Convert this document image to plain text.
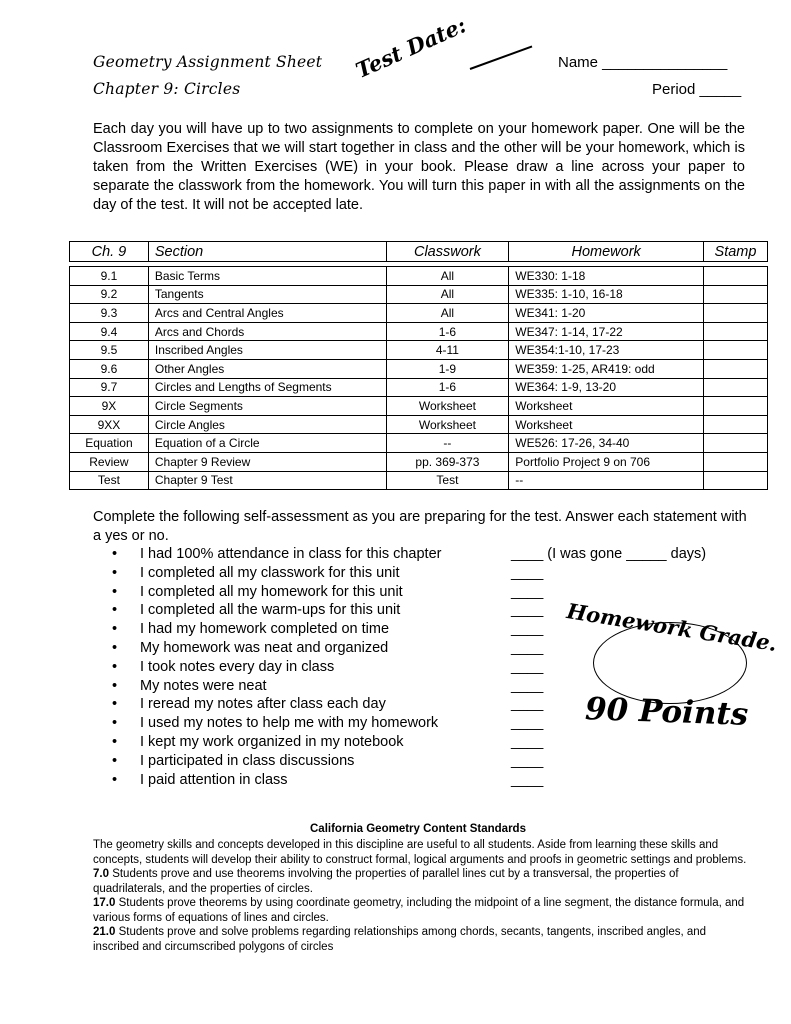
Geometry Assignment Sheet
Chapter 9: Circles
Test Date:	Name _______________
Period _____

Each day you will have up to two assignments to complete on your homework paper. One will be the Classroom Exercises that we will start together in class and the other will be your homework, which is taken from the Written Exercises (WE) in your book. Please draw a line across your paper to separate the classwork from the homework. You will turn this paper in with all the assignments on the day of the test. It will not be accepted late.

Ch. 9	Section	Classwork	Homework	Stamp

9.1	Basic Terms	All	WE330: 1-18	
9.2	Tangents	All	WE335: 1-10, 16-18	
9.3	Arcs and Central Angles	All	WE341: 1-20	
9.4	Arcs and Chords	1-6	WE347: 1-14, 17-22	
9.5	Inscribed Angles	4-11	WE354:1-10, 17-23	
9.6	Other Angles	1-9	WE359: 1-25, AR419: odd	
9.7	Circles and Lengths of Segments	1-6	WE364: 1-9, 13-20	
9X	Circle Segments	Worksheet	Worksheet	
9XX	Circle Angles	Worksheet	Worksheet	
Equation	Equation of a Circle	--	WE526: 17-26, 34-40	
Review	Chapter 9 Review	pp. 369-373	Portfolio Project 9 on 706	
Test	Chapter 9 Test	Test	--	

Complete the following self-assessment as you are preparing for the test. Answer each statement with a yes or no.

• I had 100% attendance in class for this chapter
• I completed all my classwork for this unit
• I completed all my homework for this unit
• I completed all the warm-ups for this unit
• I had my homework completed on time
• My homework was neat and organized
• I took notes every day in class
• My notes were neat
• I reread my notes after class each day
• I used my notes to help me with my homework
• I kept my work organized in my notebook
• I participated in class discussions
• I paid attention in class
____ (I was gone _____ days)
____
____
____
____
____
____
____
____
____
____
____
____
Homework Grade.
90 Points
California Geometry Content Standards

The geometry skills and concepts developed in this discipline are useful to all students. Aside from learning these skills and concepts, students will develop their ability to construct formal, logical arguments and proofs in geometric settings and problems.

7.0 Students prove and use theorems involving the properties of parallel lines cut by a transversal, the properties of quadrilaterals, and the properties of circles.

17.0 Students prove theorems by using coordinate geometry, including the midpoint of a line segment, the distance formula, and various forms of equations of lines and circles.

21.0 Students prove and solve problems regarding relationships among chords, secants, tangents, inscribed angles, and inscribed and circumscribed polygons of circles
